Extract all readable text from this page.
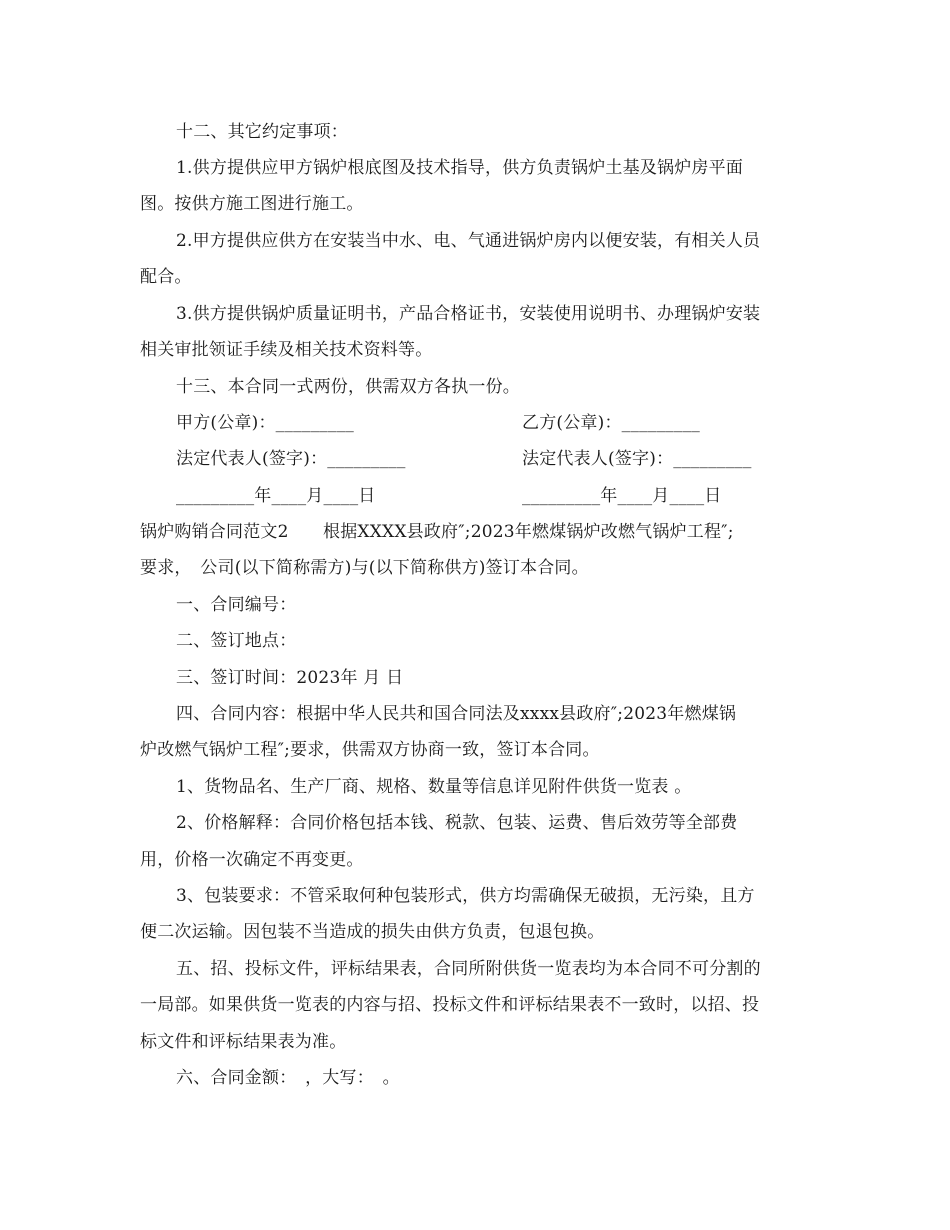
十二、其它约定事项：
1.供方提供应甲方锅炉根底图及技术指导，供方负责锅炉土基及锅炉房平面
图。按供方施工图进行施工。
2.甲方提供应供方在安装当中水、电、气通进锅炉房内以便安装，有相关人员
配合。
3.供方提供锅炉质量证明书，产品合格证书，安装使用说明书、办理锅炉安装
相关审批领证手续及相关技术资料等。
十三、本合同一式两份，供需双方各执一份。
甲方(公章)：_________	乙方(公章)：_________
法定代表人(签字)：_________	法定代表人(签字)：_________
_________年____月____日	_________年____月____日
锅炉购销合同范文2　　根据XXXX县政府″;2023年燃煤锅炉改燃气锅炉工程″;
要求，　公司(以下简称需方)与(以下简称供方)签订本合同。
一、合同编号：
二、签订地点：
三、签订时间：2023年 月 日
四、合同内容：根据中华人民共和国合同法及xxxx县政府″;2023年燃煤锅
炉改燃气锅炉工程″;要求，供需双方协商一致，签订本合同。
1、货物品名、生产厂商、规格、数量等信息详见附件供货一览表 。
2、价格解释：合同价格包括本钱、税款、包装、运费、售后效劳等全部费
用，价格一次确定不再变更。
3、包装要求：不管采取何种包装形式，供方均需确保无破损，无污染，且方
便二次运输。因包装不当造成的损失由供方负责，包退包换。
五、招、投标文件，评标结果表，合同所附供货一览表均为本合同不可分割的
一局部。如果供货一览表的内容与招、投标文件和评标结果表不一致时，以招、投
标文件和评标结果表为准。
六、合同金额：　，大写：　。
